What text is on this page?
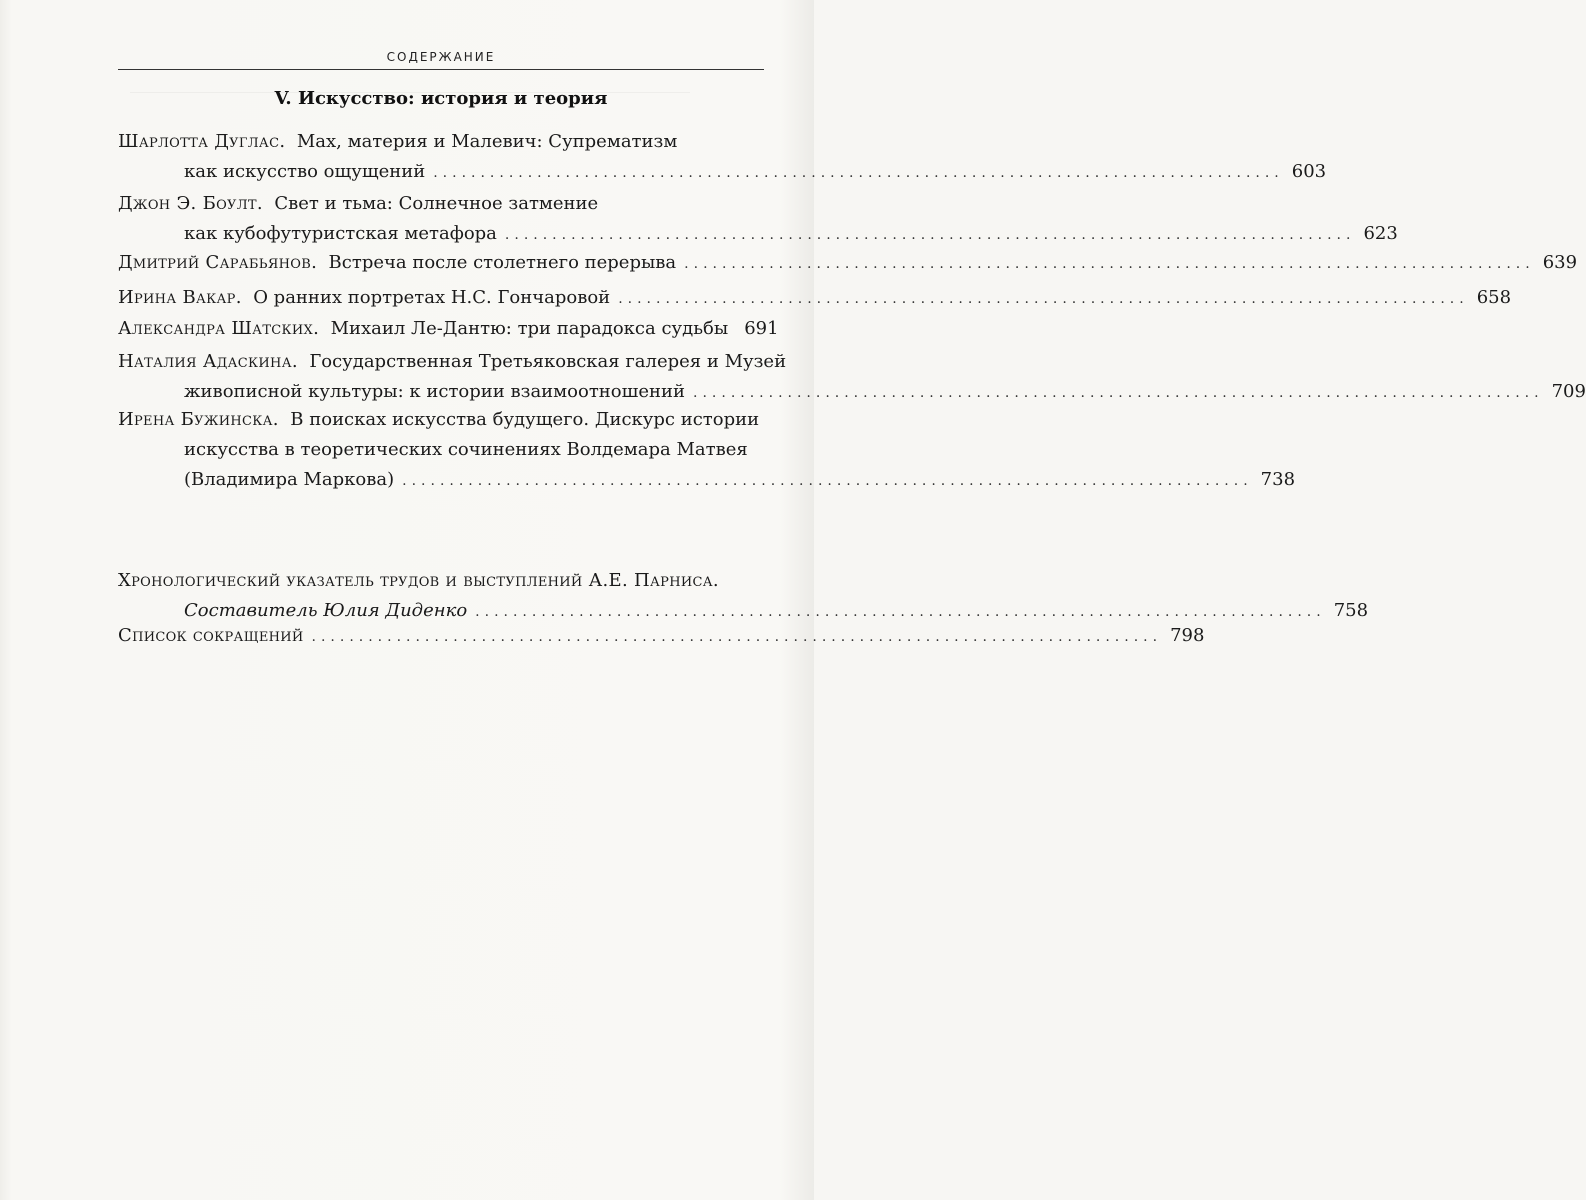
СОДЕРЖАНИЕ
V. Искусство: история и теория
Шарлотта Дуглас. Мах, материя и Малевич: Супрематизм
как искусство ощущений .......................................................................................... 603
Джон Э. Боулт. Свет и тьма: Солнечное затмение
как кубофутуристская метафора .......................................................................................... 623
Дмитрий Сарабьянов. Встреча после столетнего перерыва .......................................................................................... 639
Ирина Вакар. О ранних портретах Н.С. Гончаровой .......................................................................................... 658
Александра Шатских. Михаил Ле-Дантю: три парадокса судьбы 691
Наталия Адаскина. Государственная Третьяковская галерея и Музей
живописной культуры: к истории взаимоотношений .......................................................................................... 709
Ирена Бужинска. В поисках искусства будущего. Дискурс истории
искусства в теоретических сочинениях Волдемара Матвея
(Владимира Маркова) .......................................................................................... 738
Хронологический указатель трудов и выступлений А.Е. Парниса.
Составитель Юлия Диденко .......................................................................................... 758
Список сокращений .......................................................................................... 798
